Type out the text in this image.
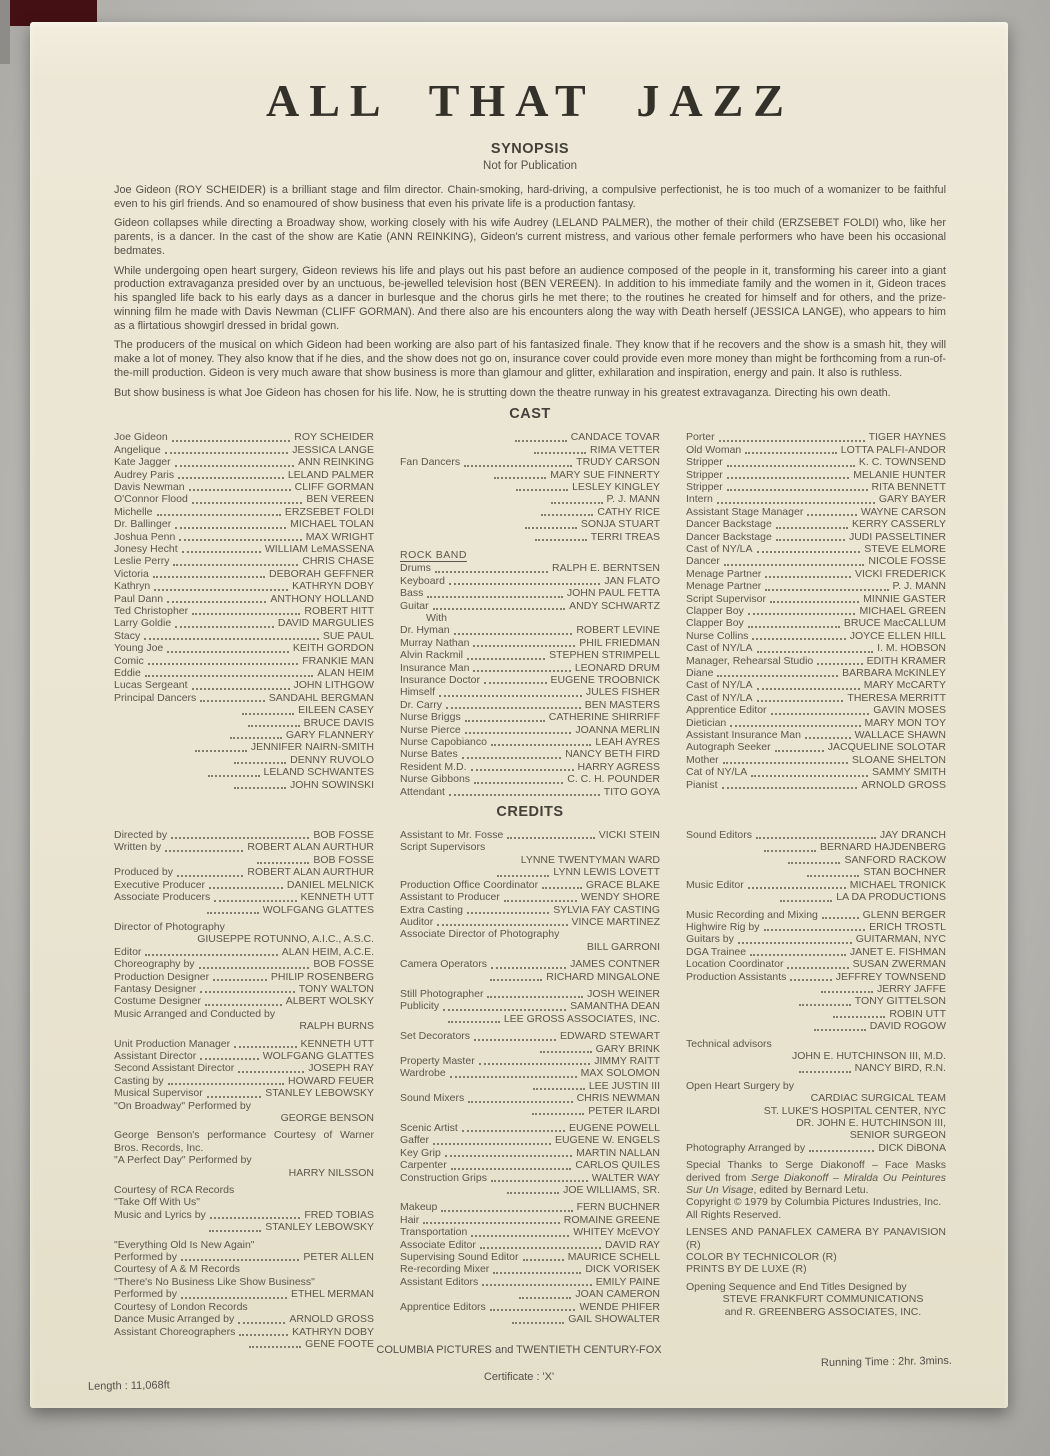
ALL THAT JAZZ
SYNOPSIS
Not for Publication

Joe Gideon (ROY SCHEIDER) is a brilliant stage and film director. Chain-smoking, hard-driving, a compulsive perfectionist, he is too much of a womanizer to be faithful even to his girl friends. And so enamoured of show business that even his private life is a production fantasy.

Gideon collapses while directing a Broadway show, working closely with his wife Audrey (LELAND PALMER), the mother of their child (ERZSEBET FOLDI) who, like her parents, is a dancer. In the cast of the show are Katie (ANN REINKING), Gideon's current mistress, and various other female performers who have been his occasional bedmates.

While undergoing open heart surgery, Gideon reviews his life and plays out his past before an audience composed of the people in it, transforming his career into a giant production extravaganza presided over by an unctuous, be-jewelled television host (BEN VEREEN). In addition to his immediate family and the women in it, Gideon traces his spangled life back to his early days as a dancer in burlesque and the chorus girls he met there; to the routines he created for himself and for others, and the prize-winning film he made with Davis Newman (CLIFF GORMAN). And there also are his encounters along the way with Death herself (JESSICA LANGE), who appears to him as a flirtatious showgirl dressed in bridal gown.

The producers of the musical on which Gideon had been working are also part of his fantasized finale. They know that if he recovers and the show is a smash hit, they will make a lot of money. They also know that if he dies, and the show does not go on, insurance cover could provide even more money than might be forthcoming from a run-of-the-mill production. Gideon is very much aware that show business is more than glamour and glitter, exhilaration and inspiration, energy and pain. It also is ruthless.

But show business is what Joe Gideon has chosen for his life. Now, he is strutting down the theatre runway in his greatest extravaganza. Directing his own death.

CAST
Joe Gideon	ROY SCHEIDER
Angelique	JESSICA LANGE
Kate Jagger	ANN REINKING
Audrey Paris	LELAND PALMER
Davis Newman	CLIFF GORMAN
O'Connor Flood	BEN VEREEN
Michelle	ERZSEBET FOLDI
Dr. Ballinger	MICHAEL TOLAN
Joshua Penn	MAX WRIGHT
Jonesy Hecht	WILLIAM LeMASSENA
Leslie Perry	CHRIS CHASE
Victoria	DEBORAH GEFFNER
Kathryn	KATHRYN DOBY
Paul Dann	ANTHONY HOLLAND
Ted Christopher	ROBERT HITT
Larry Goldie	DAVID MARGULIES
Stacy	SUE PAUL
Young Joe	KEITH GORDON
Comic	FRANKIE MAN
Eddie	ALAN HEIM
Lucas Sergeant	JOHN LITHGOW
Principal Dancers	SANDAHL BERGMAN
EILEEN CASEY
BRUCE DAVIS
GARY FLANNERY
JENNIFER NAIRN-SMITH
DENNY RUVOLO
LELAND SCHWANTES
JOHN SOWINSKI
CANDACE TOVAR
RIMA VETTER
Fan Dancers	TRUDY CARSON
MARY SUE FINNERTY
LESLEY KINGLEY
P. J. MANN
CATHY RICE
SONJA STUART
TERRI TREAS
ROCK BAND
Drums	RALPH E. BERNTSEN
Keyboard	JAN FLATO
Bass	JOHN PAUL FETTA
Guitar	ANDY SCHWARTZ
With
Dr. Hyman	ROBERT LEVINE
Murray Nathan	PHIL FRIEDMAN
Alvin Rackmil	STEPHEN STRIMPELL
Insurance Man	LEONARD DRUM
Insurance Doctor	EUGENE TROOBNICK
Himself	JULES FISHER
Dr. Carry	BEN MASTERS
Nurse Briggs	CATHERINE SHIRRIFF
Nurse Pierce	JOANNA MERLIN
Nurse Capobianco	LEAH AYRES
Nurse Bates	NANCY BETH FIRD
Resident M.D.	HARRY AGRESS
Nurse Gibbons	C. C. H. POUNDER
Attendant	TITO GOYA
Porter	TIGER HAYNES
Old Woman	LOTTA PALFI-ANDOR
Stripper	K. C. TOWNSEND
Stripper	MELANIE HUNTER
Stripper	RITA BENNETT
Intern	GARY BAYER
Assistant Stage Manager	WAYNE CARSON
Dancer Backstage	KERRY CASSERLY
Dancer Backstage	JUDI PASSELTINER
Cast of NY/LA	STEVE ELMORE
Dancer	NICOLE FOSSE
Menage Partner	VICKI FREDERICK
Menage Partner	P. J. MANN
Script Supervisor	MINNIE GASTER
Clapper Boy	MICHAEL GREEN
Clapper Boy	BRUCE MacCALLUM
Nurse Collins	JOYCE ELLEN HILL
Cast of NY/LA	I. M. HOBSON
Manager, Rehearsal Studio	EDITH KRAMER
Diane	BARBARA McKINLEY
Cast of NY/LA	MARY McCARTY
Cast of NY/LA	THERESA MERRITT
Apprentice Editor	GAVIN MOSES
Dietician	MARY MON TOY
Assistant Insurance Man	WALLACE SHAWN
Autograph Seeker	JACQUELINE SOLOTAR
Mother	SLOANE SHELTON
Cat of NY/LA	SAMMY SMITH
Pianist	ARNOLD GROSS
CREDITS
Directed by	BOB FOSSE
Written by	ROBERT ALAN AURTHUR
BOB FOSSE
Produced by	ROBERT ALAN AURTHUR
Executive Producer	DANIEL MELNICK
Associate Producers	KENNETH UTT
WOLFGANG GLATTES
Director of Photography
GIUSEPPE ROTUNNO, A.I.C., A.S.C.
Editor	ALAN HEIM, A.C.E.
Choreography by	BOB FOSSE
Production Designer	PHILIP ROSENBERG
Fantasy Designer	TONY WALTON
Costume Designer	ALBERT WOLSKY
Music Arranged and Conducted by
RALPH BURNS
Unit Production Manager	KENNETH UTT
Assistant Director	WOLFGANG GLATTES
Second Assistant Director	JOSEPH RAY
Casting by	HOWARD FEUER
Musical Supervisor	STANLEY LEBOWSKY
"On Broadway" Performed by
GEORGE BENSON
George Benson's performance Courtesy of Warner Bros. Records, Inc.
"A Perfect Day" Performed by
HARRY NILSSON
Courtesy of RCA Records
"Take Off With Us"
Music and Lyrics by	FRED TOBIAS
STANLEY LEBOWSKY
"Everything Old Is New Again"
Performed by	PETER ALLEN
Courtesy of A & M Records
"There's No Business Like Show Business"
Performed by	ETHEL MERMAN
Courtesy of London Records
Dance Music Arranged by	ARNOLD GROSS
Assistant Choreographers	KATHRYN DOBY
GENE FOOTE
Assistant to Mr. Fosse	VICKI STEIN
Script Supervisors
LYNNE TWENTYMAN WARD
LYNN LEWIS LOVETT
Production Office Coordinator	GRACE BLAKE
Assistant to Producer	WENDY SHORE
Extra Casting	SYLVIA FAY CASTING
Auditor	VINCE MARTINEZ
Associate Director of Photography
BILL GARRONI
Camera Operators	JAMES CONTNER
RICHARD MINGALONE
Still Photographer	JOSH WEINER
Publicity	SAMANTHA DEAN
LEE GROSS ASSOCIATES, INC.
Set Decorators	EDWARD STEWART
GARY BRINK
Property Master	JIMMY RAITT
Wardrobe	MAX SOLOMON
LEE JUSTIN III
Sound Mixers	CHRIS NEWMAN
PETER ILARDI
Scenic Artist	EUGENE POWELL
Gaffer	EUGENE W. ENGELS
Key Grip	MARTIN NALLAN
Carpenter	CARLOS QUILES
Construction Grips	WALTER WAY
JOE WILLIAMS, SR.
Makeup	FERN BUCHNER
Hair	ROMAINE GREENE
Transportation	WHITEY McEVOY
Associate Editor	DAVID RAY
Supervising Sound Editor	MAURICE SCHELL
Re-recording Mixer	DICK VORISEK
Assistant Editors	EMILY PAINE
JOAN CAMERON
Apprentice Editors	WENDE PHIFER
GAIL SHOWALTER
Sound Editors	JAY DRANCH
BERNARD HAJDENBERG
SANFORD RACKOW
STAN BOCHNER
Music Editor	MICHAEL TRONICK
LA DA PRODUCTIONS
Music Recording and Mixing	GLENN BERGER
Highwire Rig by	ERICH TROSTL
Guitars by	GUITARMAN, NYC
DGA Trainee	JANET E. FISHMAN
Location Coordinator	SUSAN ZWERMAN
Production Assistants	JEFFREY TOWNSEND
JERRY JAFFE
TONY GITTELSON
ROBIN UTT
DAVID ROGOW
Technical advisors
JOHN E. HUTCHINSON III, M.D.
NANCY BIRD, R.N.
Open Heart Surgery by
CARDIAC SURGICAL TEAM
ST. LUKE'S HOSPITAL CENTER, NYC
DR. JOHN E. HUTCHINSON III,
SENIOR SURGEON
Photography Arranged by	DICK DiBONA
Special Thanks to Serge Diakonoff – Face Masks derived from Serge Diakonoff – Miralda Ou Peintures Sur Un Visage, edited by Bernard Letu.
Copyright © 1979 by Columbia Pictures Industries, Inc.
All Rights Reserved.
LENSES AND PANAFLEX CAMERA BY PANAVISION (R)
COLOR BY TECHNICOLOR (R)
PRINTS BY DE LUXE (R)
Opening Sequence and End Titles Designed by
STEVE FRANKFURT COMMUNICATIONS
and R. GREENBERG ASSOCIATES, INC.
COLUMBIA PICTURES and TWENTIETH CENTURY-FOX
Certificate : 'X'
Running Time : 2hr. 3mins.
Length : 11,068ft
